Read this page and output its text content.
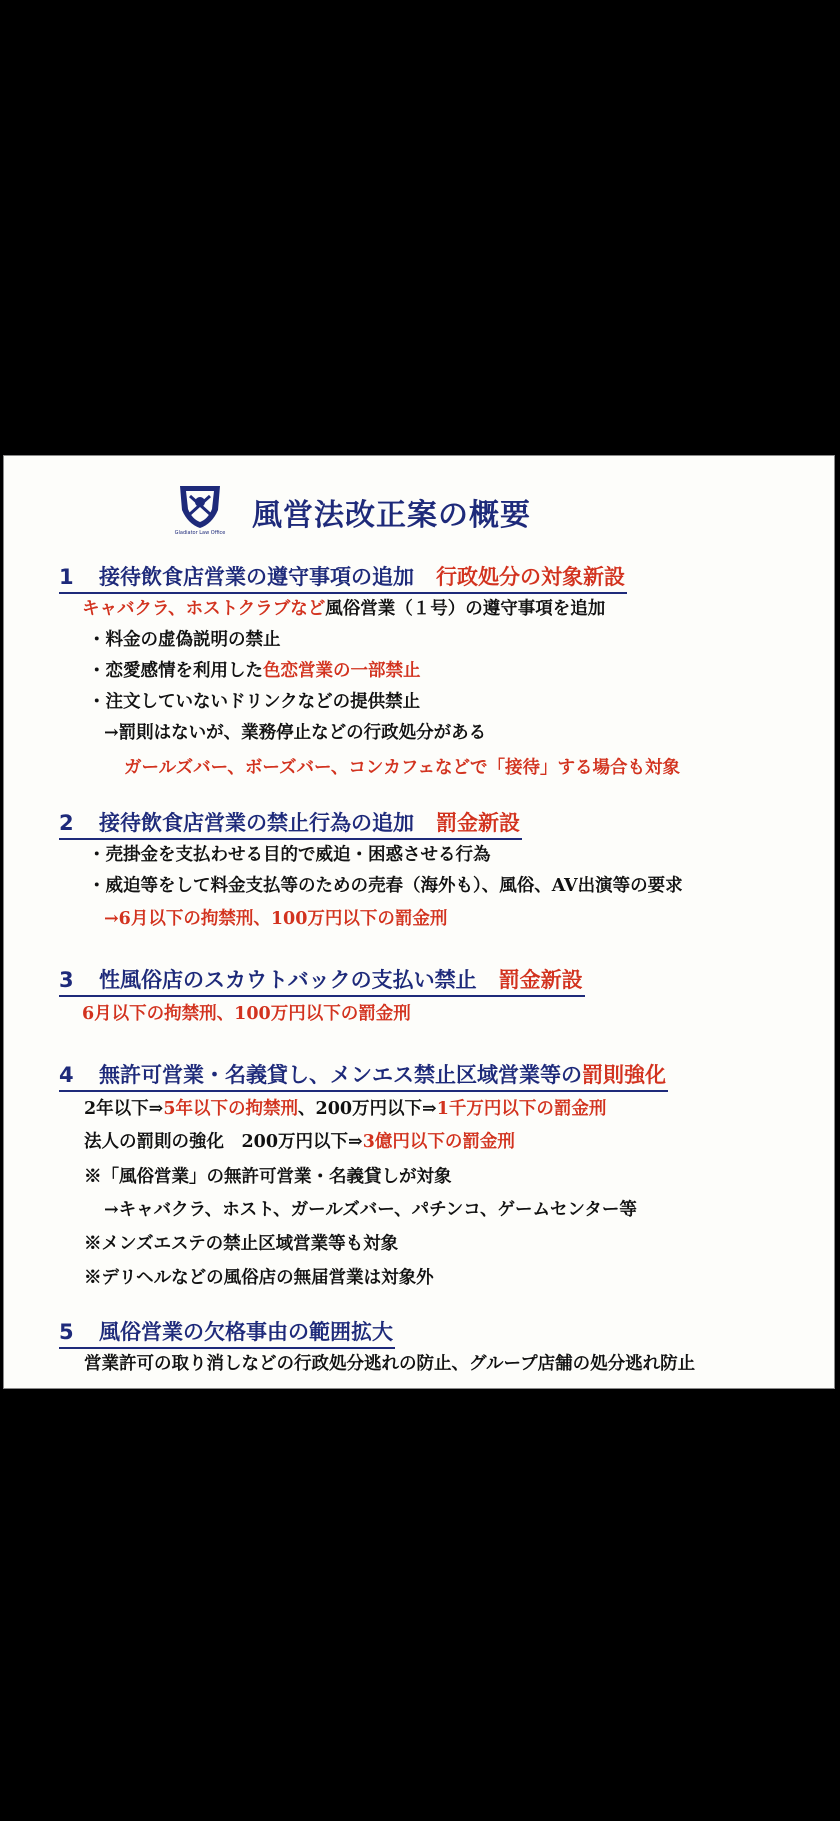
Gladiator Law Office 風営法改正案の概要
1 接待飲食店営業の遵守事項の追加 行政処分の対象新設
キャバクラ、ホストクラブなど風俗営業（１号）の遵守事項を追加
・料金の虚偽説明の禁止
・恋愛感情を利用した色恋営業の一部禁止
・注文していないドリンクなどの提供禁止
→罰則はないが、業務停止などの行政処分がある
ガールズバー、ボーズバー、コンカフェなどで「接待」する場合も対象
2 接待飲食店営業の禁止行為の追加 罰金新設
・売掛金を支払わせる目的で威迫・困惑させる行為
・威迫等をして料金支払等のための売春（海外も）、風俗、AV出演等の要求
→6月以下の拘禁刑、100万円以下の罰金刑
3 性風俗店のスカウトバックの支払い禁止 罰金新設
6月以下の拘禁刑、100万円以下の罰金刑
4 無許可営業・名義貸し、メンエス禁止区域営業等の罰則強化
2年以下⇒5年以下の拘禁刑、200万円以下⇒1千万円以下の罰金刑
法人の罰則の強化　200万円以下⇒3億円以下の罰金刑
※「風俗営業」の無許可営業・名義貸しが対象
→キャバクラ、ホスト、ガールズバー、パチンコ、ゲームセンター等
※メンズエステの禁止区域営業等も対象
※デリヘルなどの風俗店の無届営業は対象外
5 風俗営業の欠格事由の範囲拡大
営業許可の取り消しなどの行政処分逃れの防止、グループ店舗の処分逃れ防止
